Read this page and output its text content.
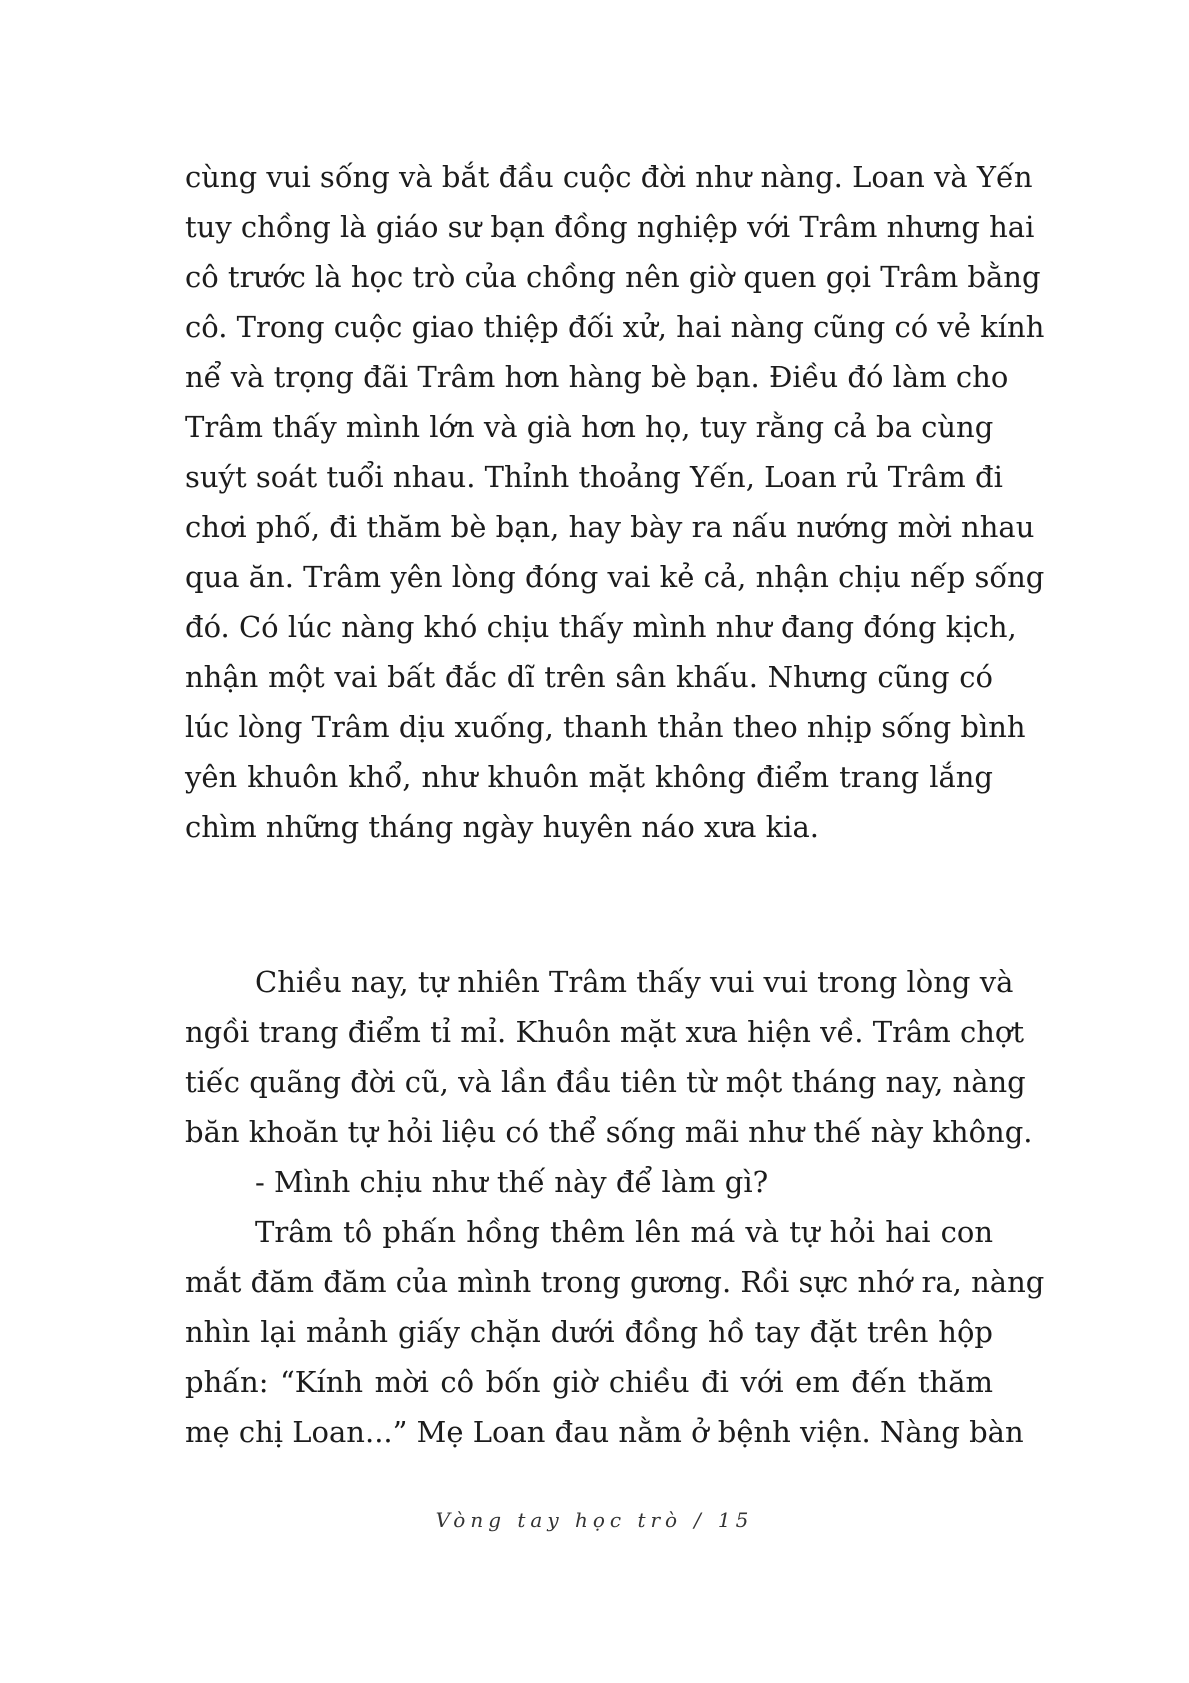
cùng vui sống và bắt đầu cuộc đời như nàng. Loan và Yến
tuy chồng là giáo sư bạn đồng nghiệp với Trâm nhưng hai
cô trước là học trò của chồng nên giờ quen gọi Trâm bằng
cô. Trong cuộc giao thiệp đối xử, hai nàng cũng có vẻ kính
nể và trọng đãi Trâm hơn hàng bè bạn. Điều đó làm cho
Trâm thấy mình lớn và già hơn họ, tuy rằng cả ba cùng
suýt soát tuổi nhau. Thỉnh thoảng Yến, Loan rủ Trâm đi
chơi phố, đi thăm bè bạn, hay bày ra nấu nướng mời nhau
qua ăn. Trâm yên lòng đóng vai kẻ cả, nhận chịu nếp sống
đó. Có lúc nàng khó chịu thấy mình như đang đóng kịch,
nhận một vai bất đắc dĩ trên sân khấu. Nhưng cũng có
lúc lòng Trâm dịu xuống, thanh thản theo nhịp sống bình
yên khuôn khổ, như khuôn mặt không điểm trang lắng
chìm những tháng ngày huyên náo xưa kia.
Chiều nay, tự nhiên Trâm thấy vui vui trong lòng và
ngồi trang điểm tỉ mỉ. Khuôn mặt xưa hiện về. Trâm chợt
tiếc quãng đời cũ, và lần đầu tiên từ một tháng nay, nàng
băn khoăn tự hỏi liệu có thể sống mãi như thế này không.
- Mình chịu như thế này để làm gì?
Trâm tô phấn hồng thêm lên má và tự hỏi hai con
mắt đăm đăm của mình trong gương. Rồi sực nhớ ra, nàng
nhìn lại mảnh giấy chặn dưới đồng hồ tay đặt trên hộp
phấn: “Kính mời cô bốn giờ chiều đi với em đến thăm
mẹ chị Loan...” Mẹ Loan đau nằm ở bệnh viện. Nàng bàn
Vòng tay học trò / 15
